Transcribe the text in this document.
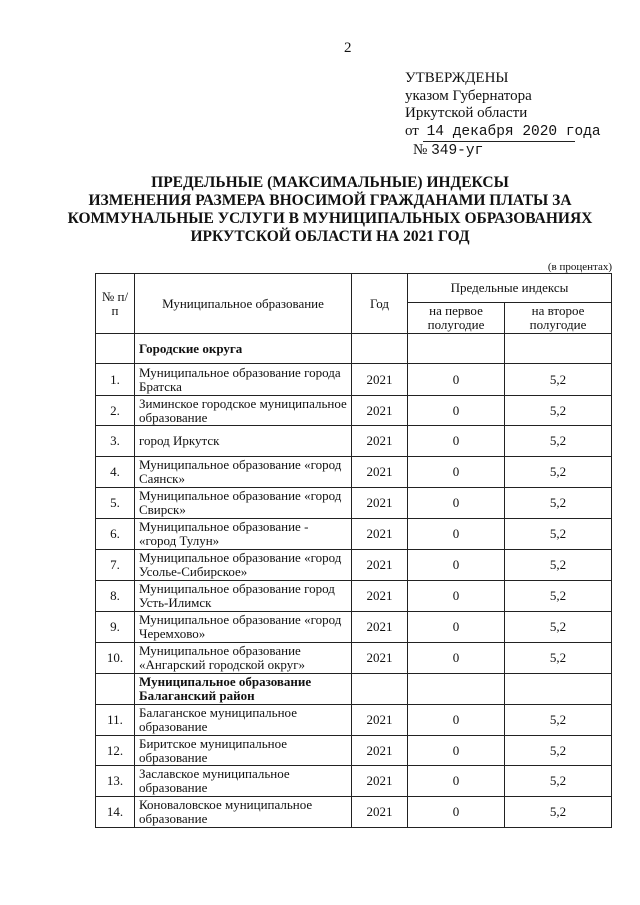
2
УТВЕРЖДЕНЫ
указом Губернатора
Иркутской области
от 14 декабря 2020 года
№ 349-уг
ПРЕДЕЛЬНЫЕ (МАКСИМАЛЬНЫЕ) ИНДЕКСЫ
ИЗМЕНЕНИЯ РАЗМЕРА ВНОСИМОЙ ГРАЖДАНАМИ ПЛАТЫ ЗА
КОММУНАЛЬНЫЕ УСЛУГИ В МУНИЦИПАЛЬНЫХ ОБРАЗОВАНИЯХ
ИРКУТСКОЙ ОБЛАСТИ НА 2021 ГОД
(в процентах)
№ п/п	Муниципальное образование	Год	Предельные индексы	
			на первое полугодие	на второе полугодие
	Городские округа			
1.	Муниципальное образование города Братска	2021	0	5,2
2.	Зиминское городское муниципальное образование	2021	0	5,2
3.	город Иркутск	2021	0	5,2
4.	Муниципальное образование «город Саянск»	2021	0	5,2
5.	Муниципальное образование «город Свирск»	2021	0	5,2
6.	Муниципальное образование - «город Тулун»	2021	0	5,2
7.	Муниципальное образование «город Усолье-Сибирское»	2021	0	5,2
8.	Муниципальное образование город Усть-Илимск	2021	0	5,2
9.	Муниципальное образование «город Черемхово»	2021	0	5,2
10.	Муниципальное образование «Ангарский городской округ»	2021	0	5,2
	Муниципальное образование Балаганский район			
11.	Балаганское муниципальное образование	2021	0	5,2
12.	Биритское муниципальное образование	2021	0	5,2
13.	Заславское муниципальное образование	2021	0	5,2
14.	Коноваловское муниципальное образование	2021	0	5,2
